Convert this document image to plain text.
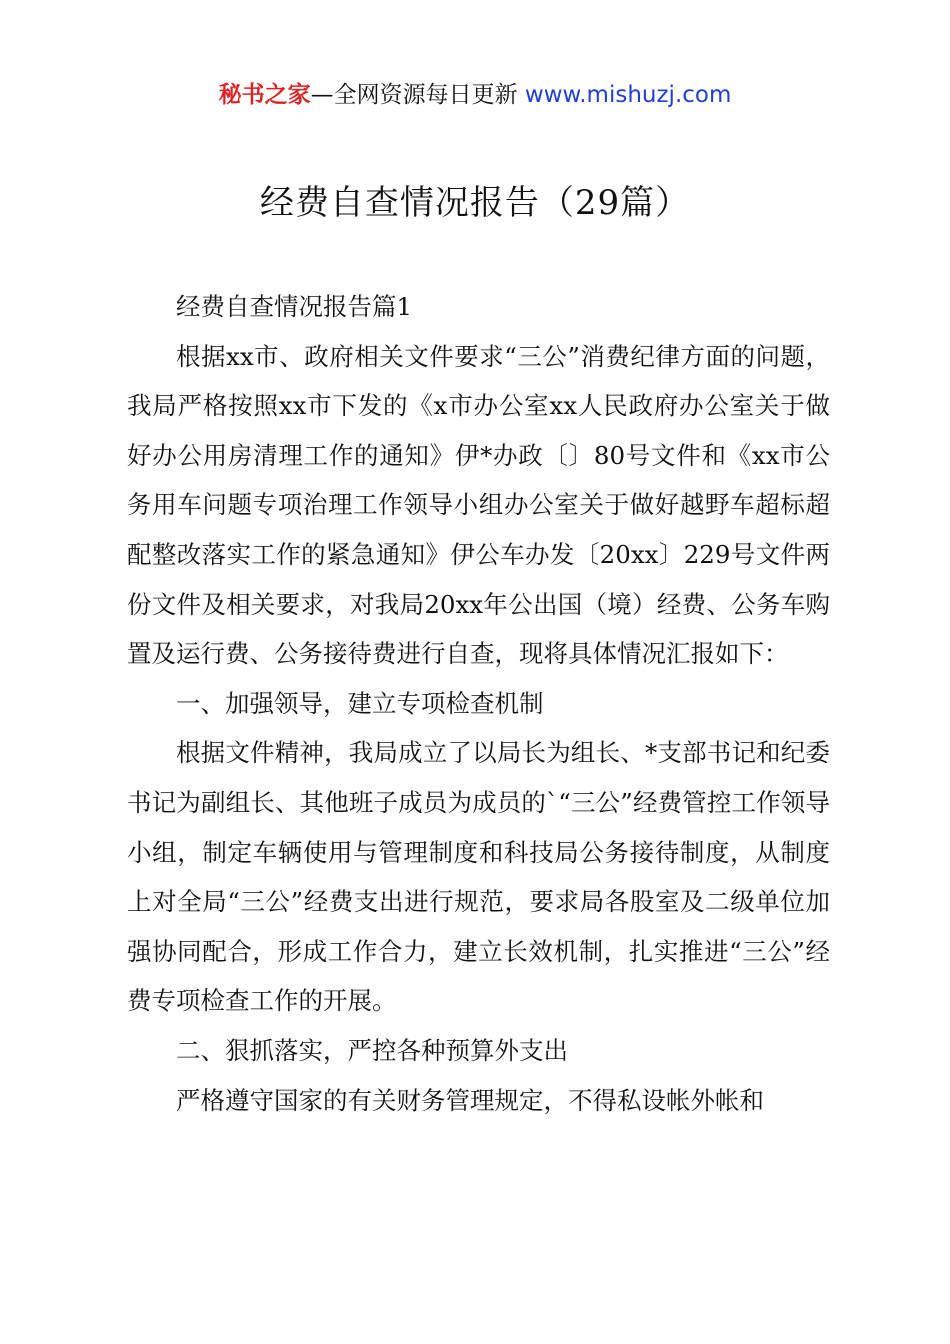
秘书之家—全网资源每日更新 www.mishuzj.com
经费自查情况报告（29篇）

经费自查情况报告篇1

根据xx市、政府相关文件要求“三公”消费纪律方面的问题，我局严格按照xx市下发的《x市办公室xx人民政府办公室关于做好办公用房清理工作的通知》伊*办政〔〕80号文件和《xx市公务用车问题专项治理工作领导小组办公室关于做好越野车超标超配整改落实工作的紧急通知》伊公车办发〔20xx〕229号文件两份文件及相关要求，对我局20xx年公出国（境）经费、公务车购置及运行费、公务接待费进行自查，现将具体情况汇报如下：

一、加强领导，建立专项检查机制

根据文件精神，我局成立了以局长为组长、*支部书记和纪委书记为副组长、其他班子成员为成员的`“三公”经费管控工作领导小组，制定车辆使用与管理制度和科技局公务接待制度，从制度上对全局“三公”经费支出进行规范，要求局各股室及二级单位加强协同配合，形成工作合力，建立长效机制，扎实推进“三公”经费专项检查工作的开展。

二、狠抓落实，严控各种预算外支出

严格遵守国家的有关财务管理规定，不得私设帐外帐和
